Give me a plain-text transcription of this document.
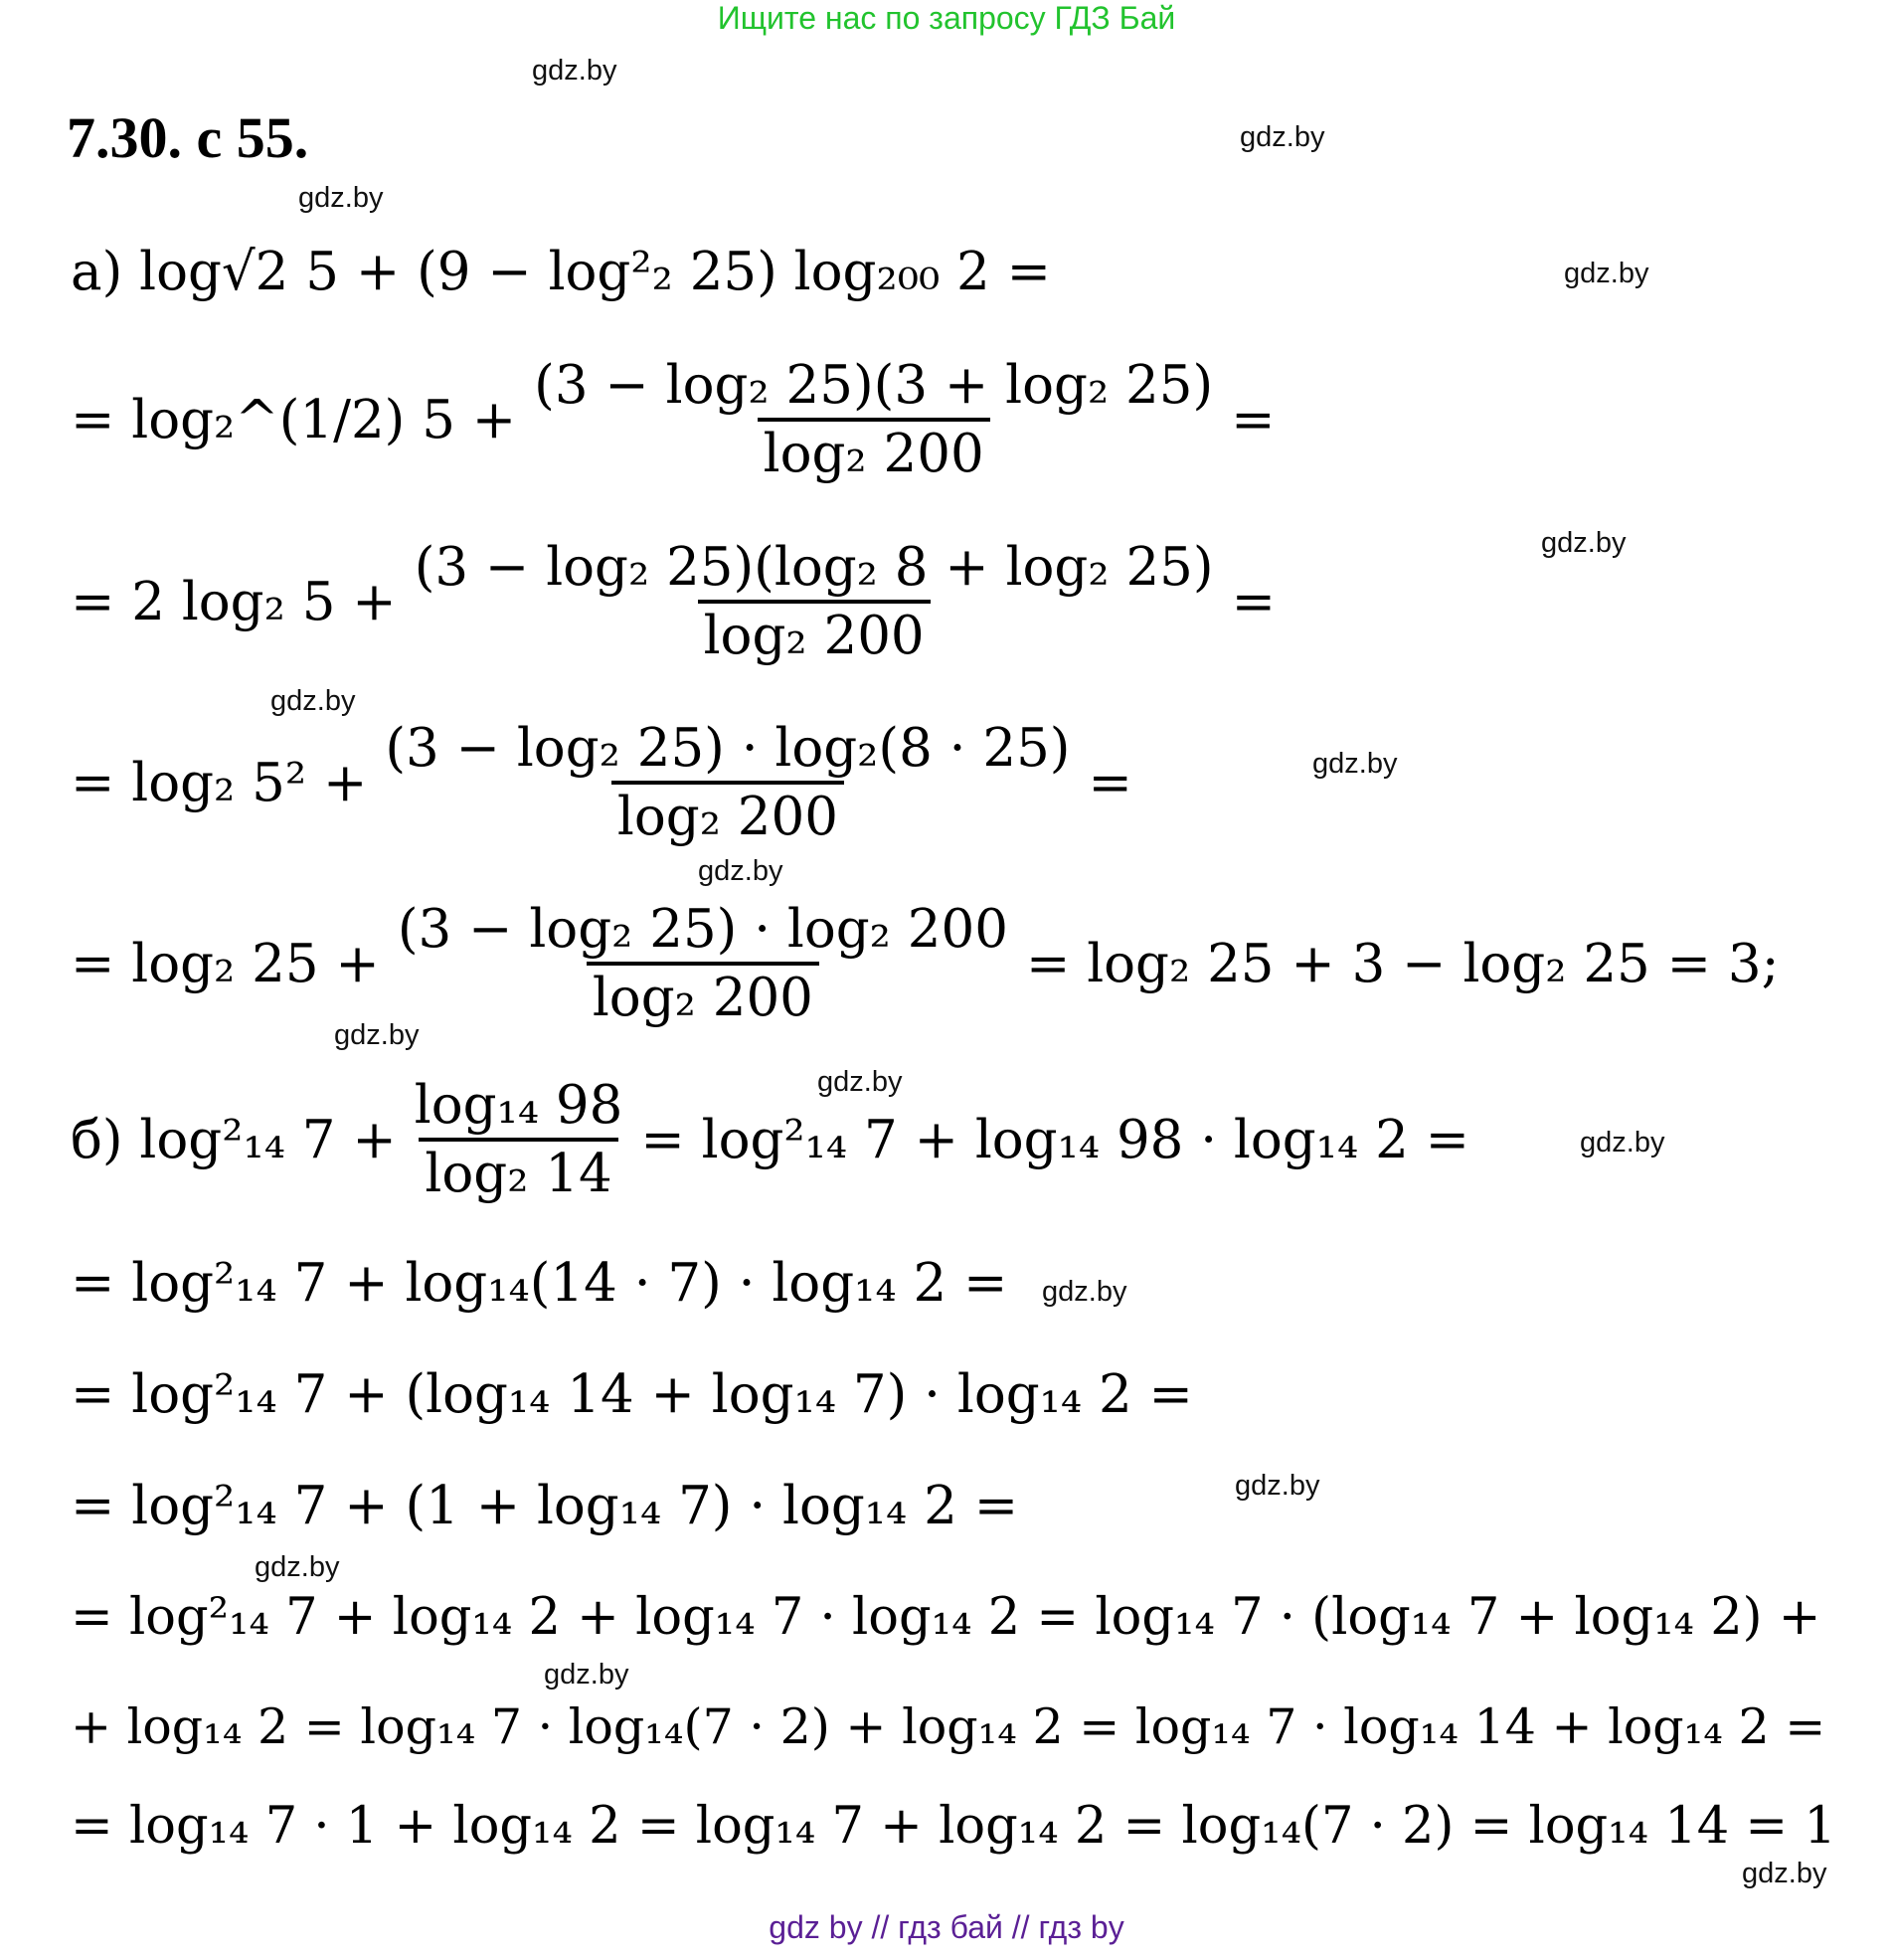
Ищите нас по запросу ГДЗ Бай
7.30. с 55.
gdz.by
gdz.by
gdz.by
gdz.by
gdz.by
gdz.by
gdz.by
gdz.by
gdz.by
gdz.by
gdz.by
gdz.by
gdz.by
gdz.by
gdz.by
gdz.by
а) log√2 5 + (9 − log²₂ 25) log₂₀₀ 2 =
= log₂^(1/2) $5 + \frac{\text{(3 − log₂ 25)(3 + log₂ 25)}}{\text{log₂ 200}}$ =
= 2 log₂ $5 + \frac{\text{(3 − log₂ 25)(log₂ 8 + log₂ 25)}}{\text{log₂ 200}}$ =
= log₂ $5^2 + \frac{\text{(3 − log₂ 25) · log₂(8 · 25)}}{\text{log₂ 200}}$ =
= log₂ $25 + \frac{\text{(3 − log₂ 25) · log₂ 200}}{\text{log₂ 200}} = \log_2$ 25 + 3 − log₂ 25 = 3;
б) log²₁₄ $7 + \frac{\text{log₁₄ 98}}{\text{log₂ 14}} = \log^2_{14}$ 7 + log₁₄ 98 · log₁₄ 2 =
= log²₁₄ 7 + log₁₄(14 · 7) · log₁₄ 2 =
= log²₁₄ 7 + (log₁₄ 14 + log₁₄ 7) · log₁₄ 2 =
= log²₁₄ 7 + (1 + log₁₄ 7) · log₁₄ 2 =
= log²₁₄ 7 + log₁₄ 2 + log₁₄ 7 · log₁₄ 2 = log₁₄ 7 · (log₁₄ 7 + log₁₄ 2) +
+ log₁₄ 2 = log₁₄ 7 · log₁₄(7 · 2) + log₁₄ 2 = log₁₄ 7 · log₁₄ 14 + log₁₄ 2 =
= log₁₄ 7 · 1 + log₁₄ 2 = log₁₄ 7 + log₁₄ 2 = log₁₄(7 · 2) = log₁₄ 14 = 1
gdz by // гдз бай // гдз by
